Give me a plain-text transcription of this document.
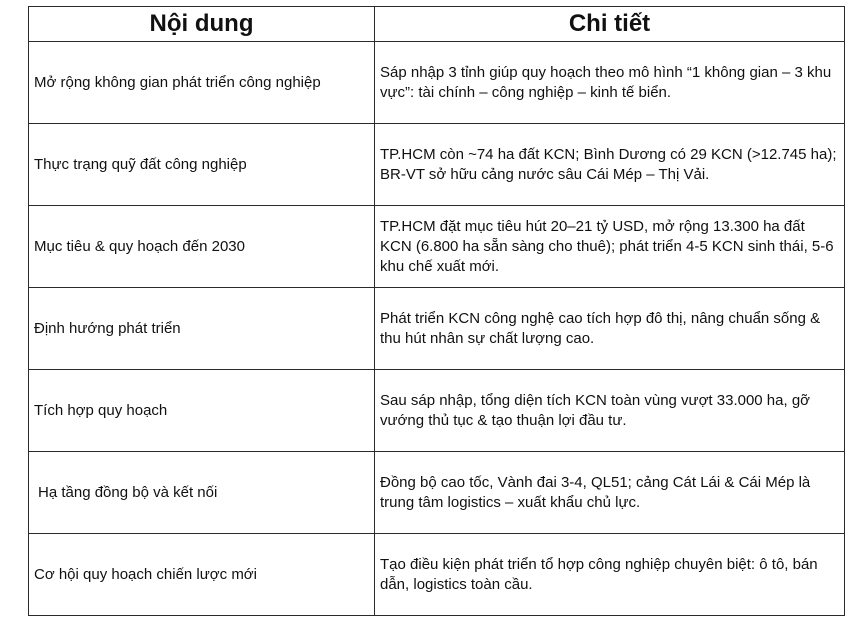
Nội dung	Chi tiết
Mở rộng không gian phát triển công nghiệp	Sáp nhập 3 tỉnh giúp quy hoạch theo mô hình “1 không gian – 3 khu vực”: tài chính – công nghiệp – kinh tế biển.
Thực trạng quỹ đất công nghiệp	TP.HCM còn ~74 ha đất KCN; Bình Dương có 29 KCN (>12.745 ha); BR-VT sở hữu cảng nước sâu Cái Mép – Thị Vải.
Mục tiêu & quy hoạch đến 2030	TP.HCM đặt mục tiêu hút 20–21 tỷ USD, mở rộng 13.300 ha đất KCN (6.800 ha sẵn sàng cho thuê); phát triển 4-5 KCN sinh thái, 5-6 khu chế xuất mới.
Định hướng phát triển	Phát triển KCN công nghệ cao tích hợp đô thị, nâng chuẩn sống & thu hút nhân sự chất lượng cao.
Tích hợp quy hoạch	Sau sáp nhập, tổng diện tích KCN toàn vùng vượt 33.000 ha, gỡ vướng thủ tục & tạo thuận lợi đầu tư.
Hạ tầng đồng bộ và kết nối	Đồng bộ cao tốc, Vành đai 3-4, QL51; cảng Cát Lái & Cái Mép là trung tâm logistics – xuất khẩu chủ lực.
Cơ hội quy hoạch chiến lược mới	Tạo điều kiện phát triển tổ hợp công nghiệp chuyên biệt: ô tô, bán dẫn, logistics toàn cầu.
